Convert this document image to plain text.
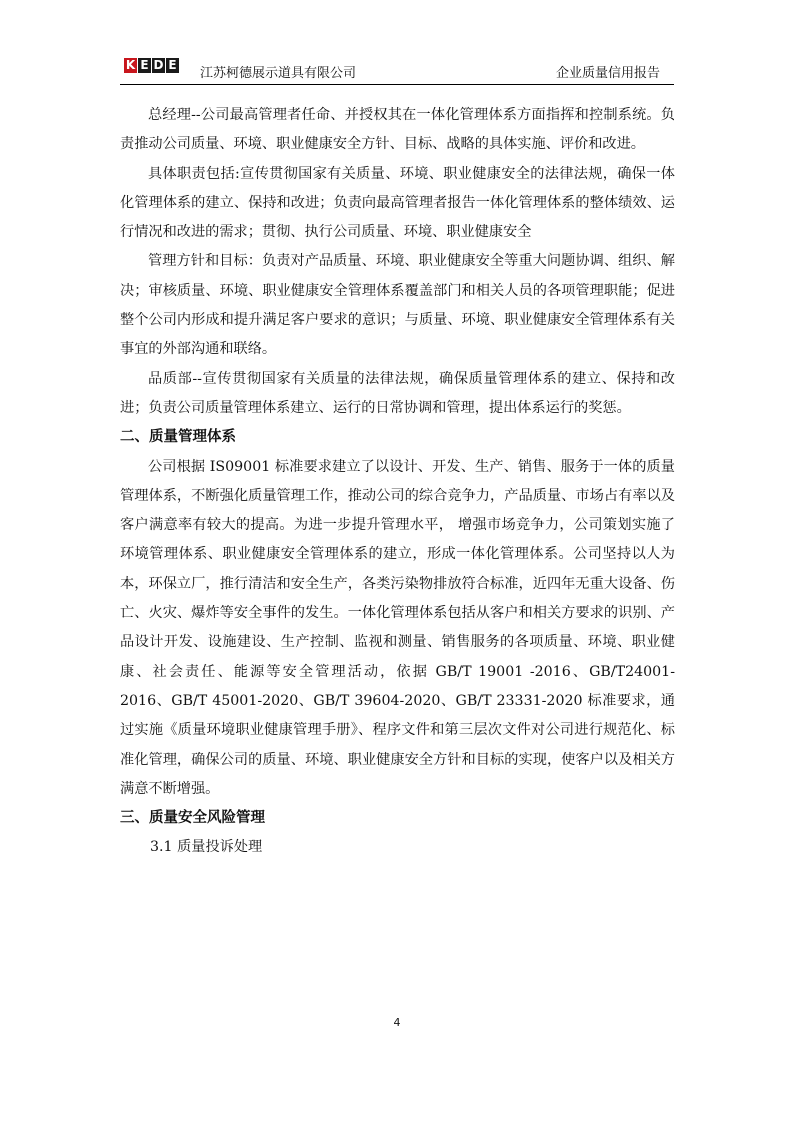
K E D E
江苏柯德展示道具有限公司	企业质量信用报告

总经理--公司最高管理者任命、并授权其在一体化管理体系方面指挥和控制系统。负责推动公司质量、环境、职业健康安全方针、目标、战略的具体实施、评价和改进。

具体职责包括:宣传贯彻国家有关质量、环境、职业健康安全的法律法规，确保一体化管理体系的建立、保持和改进；负责向最高管理者报告一体化管理体系的整体绩效、运行情况和改进的需求；贯彻、执行公司质量、环境、职业健康安全

管理方针和目标：负责对产品质量、环境、职业健康安全等重大问题协调、组织、解决；审核质量、环境、职业健康安全管理体系覆盖部门和相关人员的各项管理职能；促进整个公司内形成和提升满足客户要求的意识；与质量、环境、职业健康安全管理体系有关事宜的外部沟通和联络。

品质部--宣传贯彻国家有关质量的法律法规，确保质量管理体系的建立、保持和改进；负责公司质量管理体系建立、运行的日常协调和管理，提出体系运行的奖惩。

二、质量管理体系

公司根据 IS09001 标准要求建立了以设计、开发、生产、销售、服务于一体的质量管理体系，不断强化质量管理工作，推动公司的综合竞争力，产品质量、市场占有率以及客户满意率有较大的提高。为进一步提升管理水平， 增强市场竞争力，公司策划实施了环境管理体系、职业健康安全管理体系的建立，形成一体化管理体系。公司坚持以人为本，环保立厂，推行清洁和安全生产，各类污染物排放符合标准，近四年无重大设备、伤亡、火灾、爆炸等安全事件的发生。一体化管理体系包括从客户和相关方要求的识别、产品设计开发、设施建设、生产控制、监视和测量、销售服务的各项质量、环境、职业健康、社会责任、能源等安全管理活动，依据 GB/T 19001 -2016、GB/T24001-2016、GB/T 45001-2020、GB/T 39604-2020、GB/T 23331-2020 标准要求，通过实施《质量环境职业健康管理手册》、程序文件和第三层次文件对公司进行规范化、标准化管理，确保公司的质量、环境、职业健康安全方针和目标的实现，使客户以及相关方满意不断增强。

三、质量安全风险管理

3.1 质量投诉处理

4
